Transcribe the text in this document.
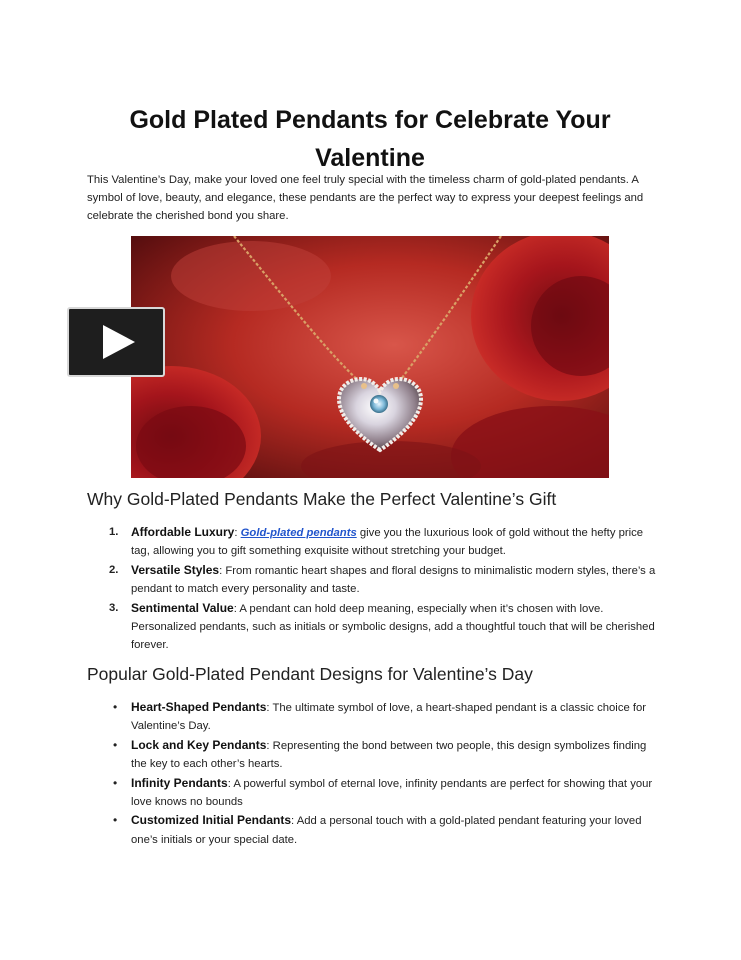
Gold Plated Pendants for Celebrate Your Valentine

This Valentine’s Day, make your loved one feel truly special with the timeless charm of gold-plated pendants. A symbol of love, beauty, and elegance, these pendants are the perfect way to express your deepest feelings and celebrate the cherished bond you share.

Why Gold-Plated Pendants Make the Perfect Valentine’s Gift
1. Affordable Luxury: Gold-plated pendants give you the luxurious look of gold without the hefty price tag, allowing you to gift something exquisite without stretching your budget.
2. Versatile Styles: From romantic heart shapes and floral designs to minimalistic modern styles, there’s a pendant to match every personality and taste.
3. Sentimental Value: A pendant can hold deep meaning, especially when it’s chosen with love. Personalized pendants, such as initials or symbolic designs, add a thoughtful touch that will be cherished forever.
Popular Gold-Plated Pendant Designs for Valentine’s Day
• Heart-Shaped Pendants: The ultimate symbol of love, a heart-shaped pendant is a classic choice for Valentine’s Day.
• Lock and Key Pendants: Representing the bond between two people, this design symbolizes finding the key to each other’s hearts.
• Infinity Pendants: A powerful symbol of eternal love, infinity pendants are perfect for showing that your love knows no bounds
• Customized Initial Pendants: Add a personal touch with a gold-plated pendant featuring your loved one’s initials or your special date.
